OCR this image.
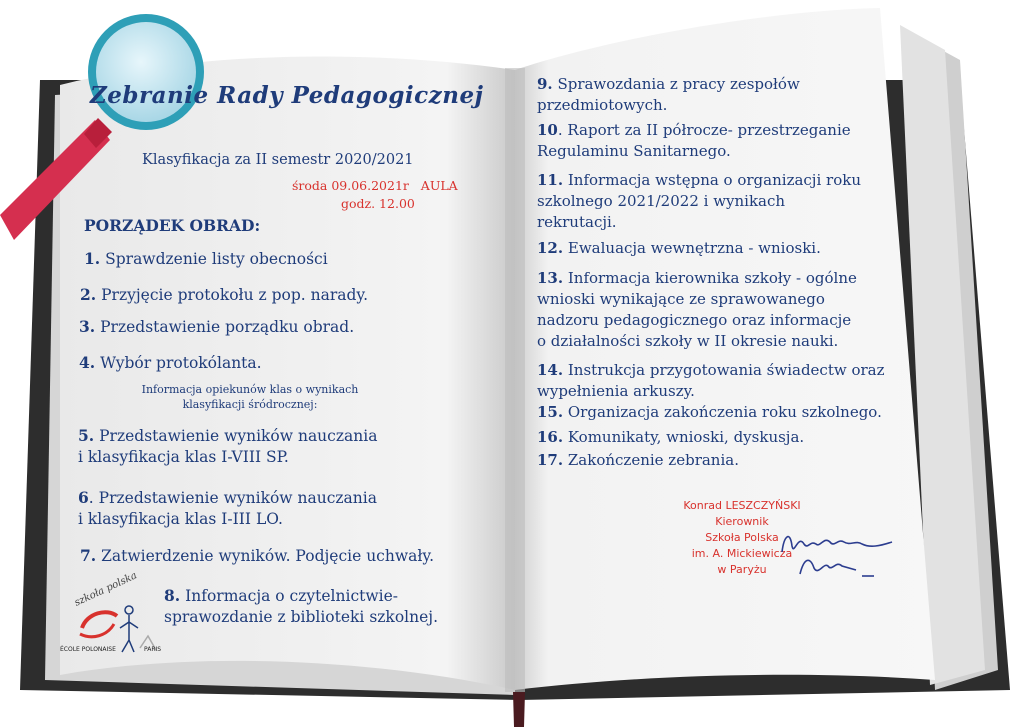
Zebranie Rady Pedagogicznej
Klasyfikacja za II semestr 2020/2021
środa 09.06.2021r   AULA
godz. 12.00
PORZĄDEK OBRAD:
1. Sprawdzenie listy obecności
2. Przyjęcie protokołu z pop. narady.
3. Przedstawienie porządku obrad.
4. Wybór protokólanta.
Informacja opiekunów klas o wynikach
klasyfikacji śródrocznej:
5. Przedstawienie wyników nauczania
i klasyfikacja klas I-VIII SP.
6. Przedstawienie wyników nauczania
i klasyfikacja klas I-III LO.
7. Zatwierdzenie wyników. Podjęcie uchwały.
8. Informacja o czytelnictwie-
sprawozdanie z biblioteki szkolnej.
szkoła polska
ÉCOLE POLONAISE	PARIS
9. Sprawozdania z pracy zespołów
przedmiotowych.
10. Raport za II półrocze- przestrzeganie
Regulaminu Sanitarnego.
11. Informacja wstępna o organizacji roku
szkolnego 2021/2022 i wynikach
rekrutacji.
12. Ewaluacja wewnętrzna - wnioski.
13. Informacja kierownika szkoły - ogólne
wnioski wynikające ze sprawowanego
nadzoru pedagogicznego oraz informacje
o działalności szkoły w II okresie nauki.
14. Instrukcja przygotowania świadectw oraz
wypełnienia arkuszy.
15. Organizacja zakończenia roku szkolnego.
16. Komunikaty, wnioski, dyskusja.
17. Zakończenie zebrania.
Konrad LESZCZYŃSKI
Kierownik
Szkoła Polska
im. A. Mickiewicza
w Paryżu
